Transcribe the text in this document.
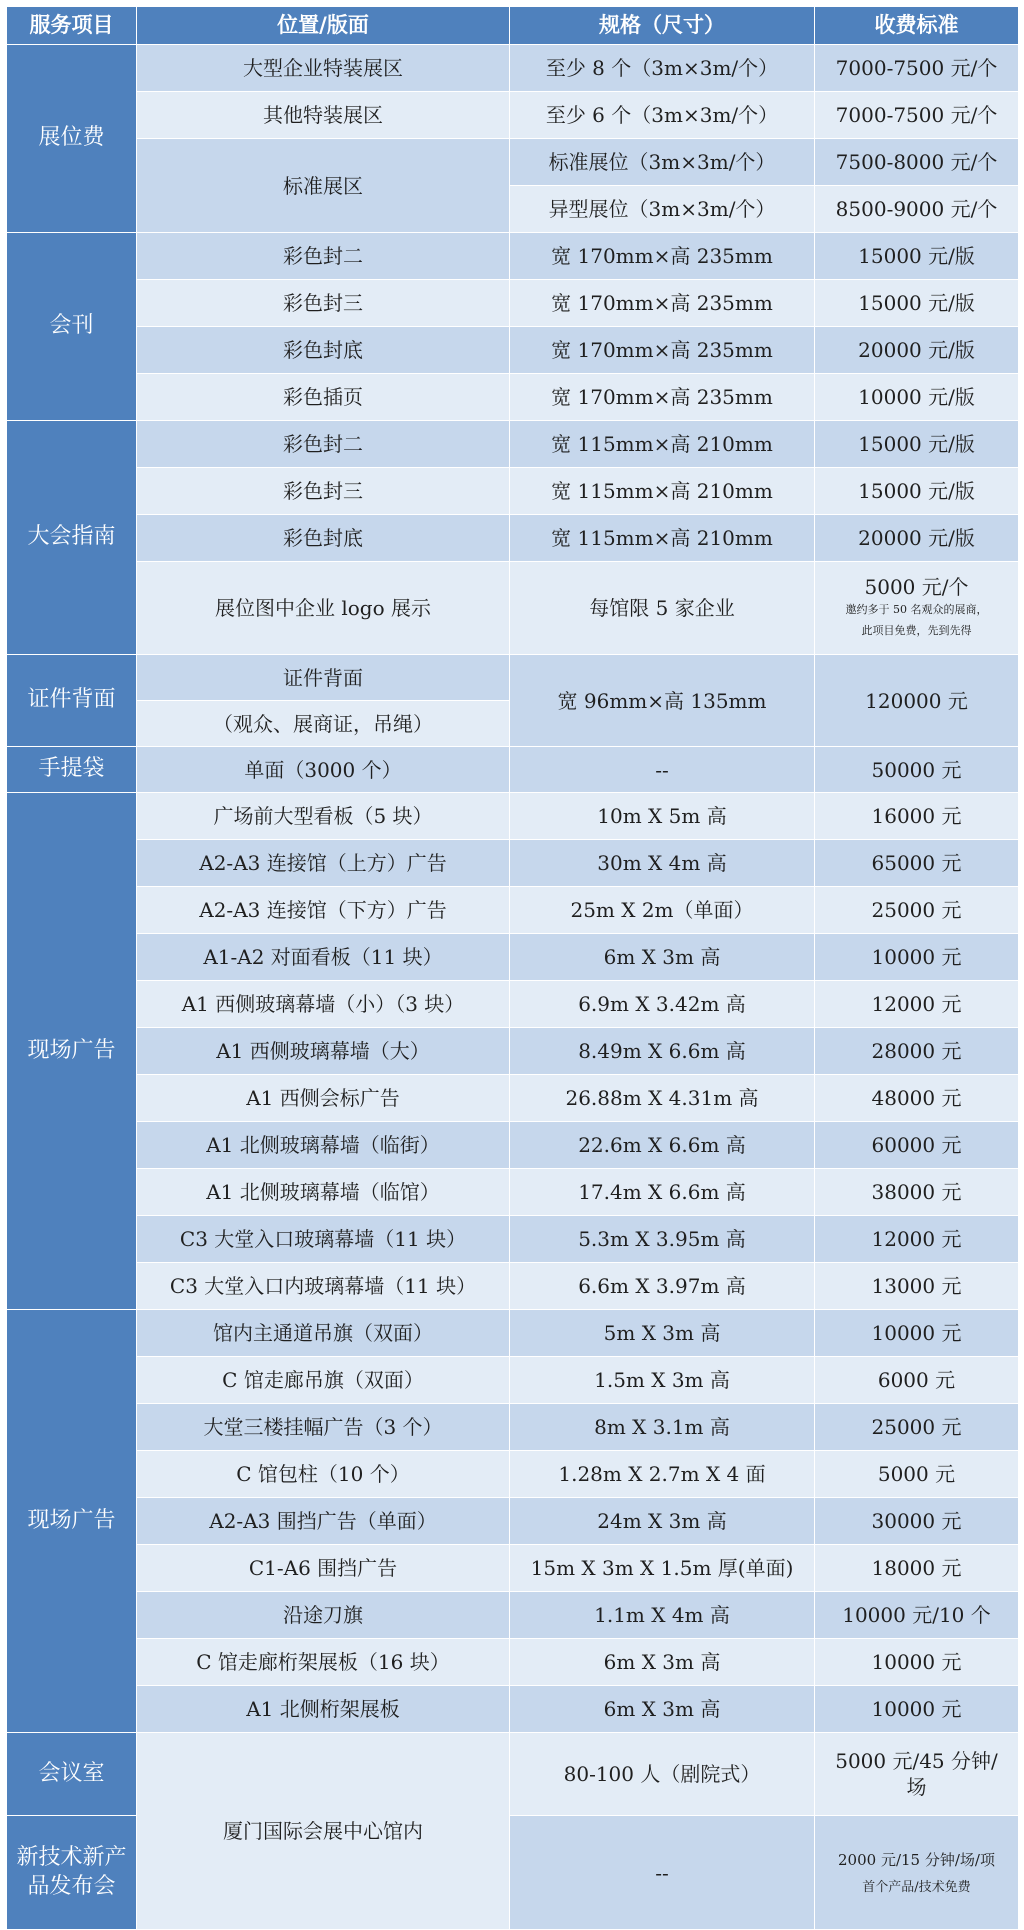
服务项目	位置/版面	规格（尺寸）	收费标准
展位费	大型企业特装展区	至少 8 个（3m×3m/个）	7000-7500 元/个
	其他特装展区	至少 6 个（3m×3m/个）	7000-7500 元/个
	标准展区	标准展位（3m×3m/个）	7500-8000 元/个
		异型展位（3m×3m/个）	8500-9000 元/个
会刊	彩色封二	宽 170mm×高 235mm	15000 元/版
	彩色封三	宽 170mm×高 235mm	15000 元/版
	彩色封底	宽 170mm×高 235mm	20000 元/版
	彩色插页	宽 170mm×高 235mm	10000 元/版
大会指南	彩色封二	宽 115mm×高 210mm	15000 元/版
	彩色封三	宽 115mm×高 210mm	15000 元/版
	彩色封底	宽 115mm×高 210mm	20000 元/版
	展位图中企业 logo 展示	每馆限 5 家企业	5000 元/个
邀约多于 50 名观众的展商，
此项目免费，先到先得

证件背面	证件背面	宽 96mm×高 135mm	120000 元
	（观众、展商证，吊绳）		
手提袋	单面（3000 个）	--	50000 元
现场广告	广场前大型看板（5 块）	10m X 5m 高	16000 元
	A2-A3 连接馆（上方）广告	30m X 4m 高	65000 元
	A2-A3 连接馆（下方）广告	25m X 2m（单面）	25000 元
	A1-A2 对面看板（11 块）	6m X 3m 高	10000 元
	A1 西侧玻璃幕墙（小）（3 块）	6.9m X 3.42m 高	12000 元
	A1 西侧玻璃幕墙（大）	8.49m X 6.6m 高	28000 元
	A1 西侧会标广告	26.88m X 4.31m 高	48000 元
	A1 北侧玻璃幕墙（临街）	22.6m X 6.6m 高	60000 元
	A1 北侧玻璃幕墙（临馆）	17.4m X 6.6m 高	38000 元
	C3 大堂入口玻璃幕墙（11 块）	5.3m X 3.95m 高	12000 元
	C3 大堂入口内玻璃幕墙（11 块）	6.6m X 3.97m 高	13000 元
现场广告	馆内主通道吊旗（双面）	5m X 3m 高	10000 元
	C 馆走廊吊旗（双面）	1.5m X 3m 高	6000 元
	大堂三楼挂幅广告（3 个）	8m X 3.1m 高	25000 元
	C 馆包柱（10 个）	1.28m X 2.7m X 4 面	5000 元
	A2-A3 围挡广告（单面）	24m X 3m 高	30000 元
	C1-A6 围挡广告	15m X 3m X 1.5m 厚(单面)	18000 元
	沿途刀旗	1.1m X 4m 高	10000 元/10 个
	C 馆走廊桁架展板（16 块）	6m X 3m 高	10000 元
	A1 北侧桁架展板	6m X 3m 高	10000 元
会议室	厦门国际会展中心馆内	80-100 人（剧院式）	5000 元/45 分钟/
场

新技术新产品发布会		--	2000 元/15 分钟/场/项
首个产品/技术免费
